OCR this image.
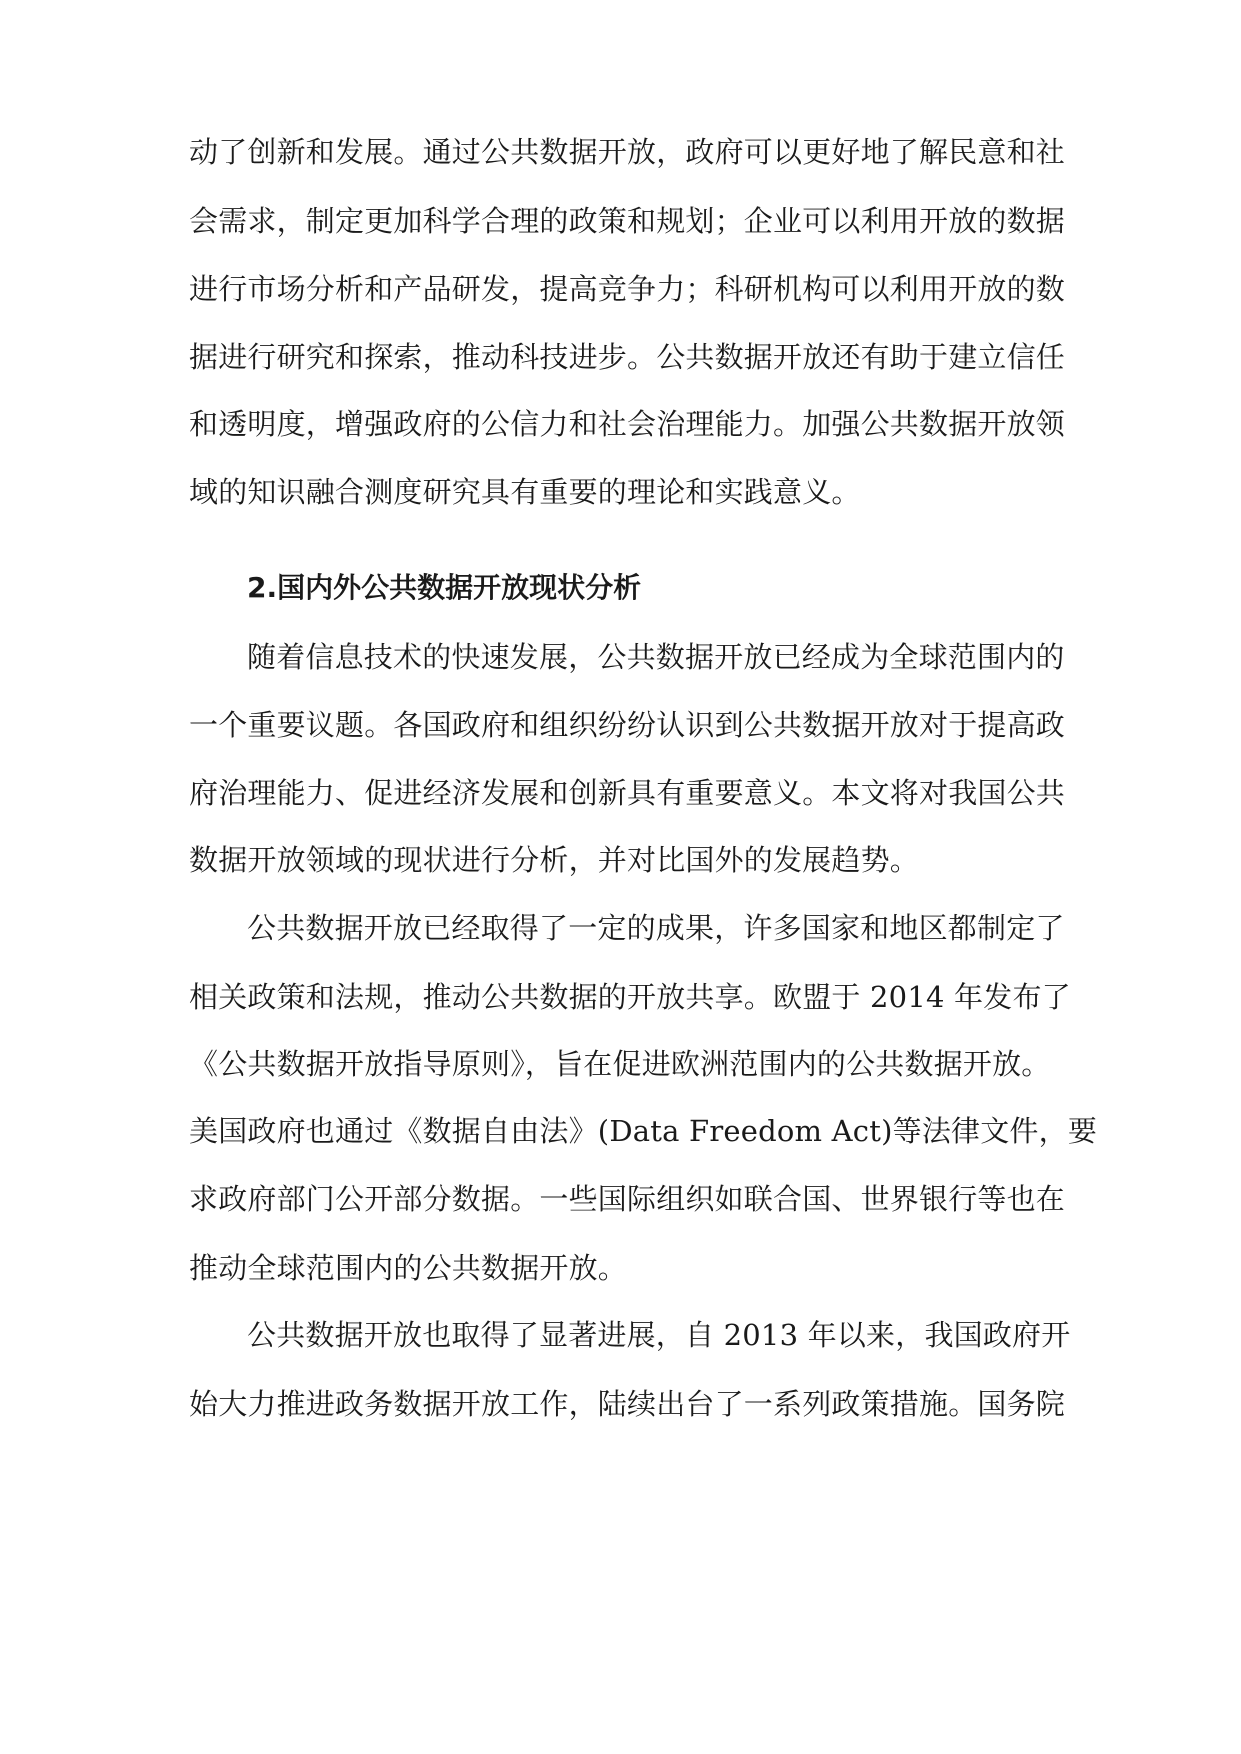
动了创新和发展。通过公共数据开放，政府可以更好地了解民意和社
会需求，制定更加科学合理的政策和规划；企业可以利用开放的数据
进行市场分析和产品研发，提高竞争力；科研机构可以利用开放的数
据进行研究和探索，推动科技进步。公共数据开放还有助于建立信任
和透明度，增强政府的公信力和社会治理能力。加强公共数据开放领
域的知识融合测度研究具有重要的理论和实践意义。
2.国内外公共数据开放现状分析
随着信息技术的快速发展，公共数据开放已经成为全球范围内的
一个重要议题。各国政府和组织纷纷认识到公共数据开放对于提高政
府治理能力、促进经济发展和创新具有重要意义。本文将对我国公共
数据开放领域的现状进行分析，并对比国外的发展趋势。
公共数据开放已经取得了一定的成果，许多国家和地区都制定了
相关政策和法规，推动公共数据的开放共享。欧盟于 2014 年发布了
《公共数据开放指导原则》，旨在促进欧洲范围内的公共数据开放。
美国政府也通过《数据自由法》(Data Freedom Act)等法律文件，要
求政府部门公开部分数据。一些国际组织如联合国、世界银行等也在
推动全球范围内的公共数据开放。
公共数据开放也取得了显著进展，自 2013 年以来，我国政府开
始大力推进政务数据开放工作，陆续出台了一系列政策措施。国务院
